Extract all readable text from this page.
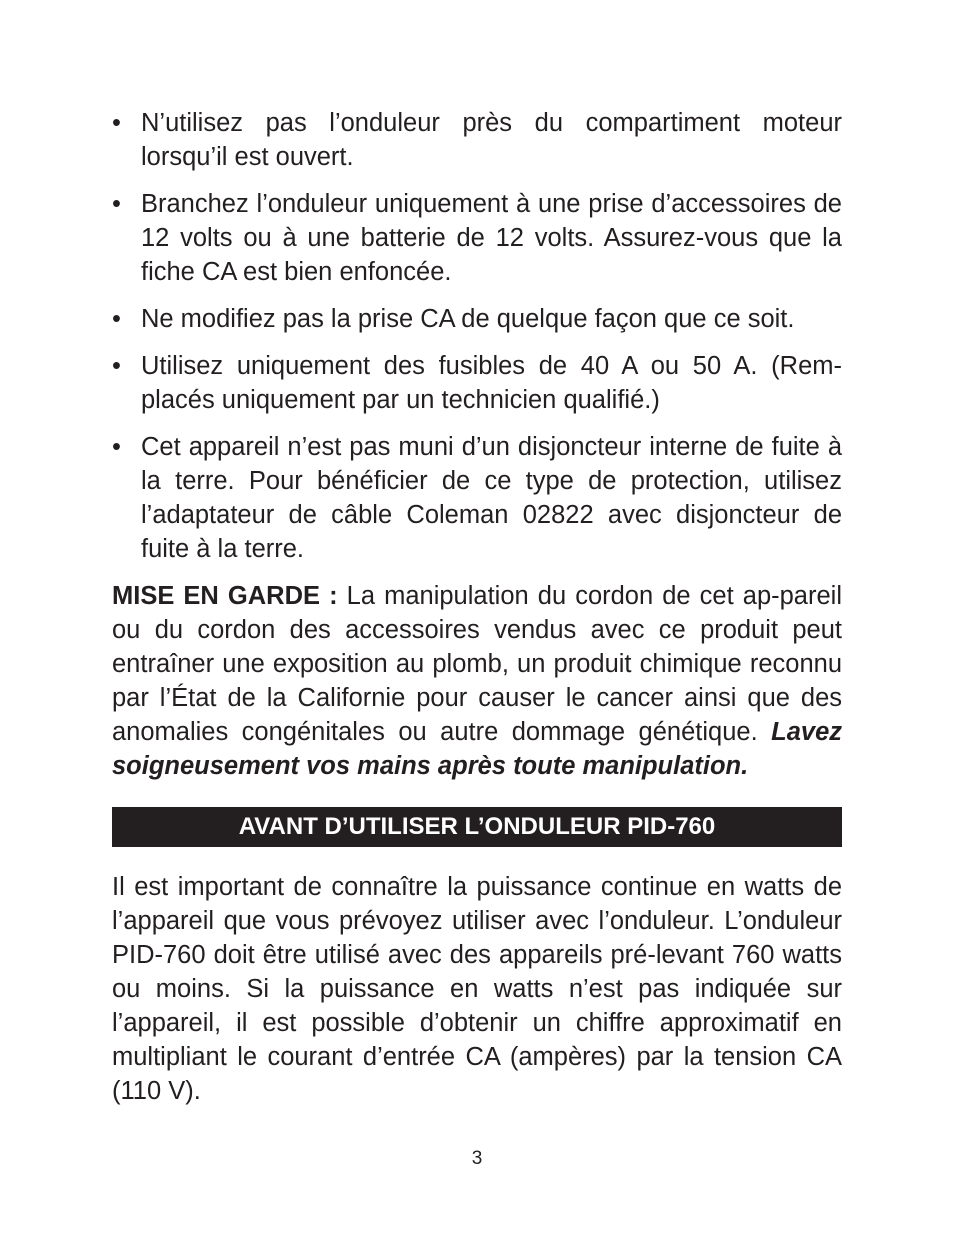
• N’utilisez pas l’onduleur près du compartiment moteur lorsqu’il est ouvert.
• Branchez l’onduleur uniquement à une prise d’accessoires de 12 volts ou à une batterie de 12 volts. Assurez-vous que la fiche CA est bien enfoncée.
• Ne modifiez pas la prise CA de quelque façon que ce soit.
• Utilisez uniquement des fusibles de 40 A ou 50 A. (Rem-placés uniquement par un technicien qualifié.)
• Cet appareil n’est pas muni d’un disjoncteur interne de fuite à la terre. Pour bénéficier de ce type de protection, utilisez l’adaptateur de câble Coleman 02822 avec disjoncteur de fuite à la terre.

MISE EN GARDE : La manipulation du cordon de cet ap-pareil ou du cordon des accessoires vendus avec ce produit peut entraîner une exposition au plomb, un produit chimique reconnu par l’État de la Californie pour causer le cancer ainsi que des anomalies congénitales ou autre dommage génétique. Lavez soigneusement vos mains après toute manipulation.

AVANT D’UTILISER L’ONDULEUR PID-760

Il est important de connaître la puissance continue en watts de l’appareil que vous prévoyez utiliser avec l’onduleur. L’onduleur PID-760 doit être utilisé avec des appareils pré-levant 760 watts ou moins. Si la puissance en watts n’est pas indiquée sur l’appareil, il est possible d’obtenir un chiffre approximatif en multipliant le courant d’entrée CA (ampères) par la tension CA (110 V).

3
